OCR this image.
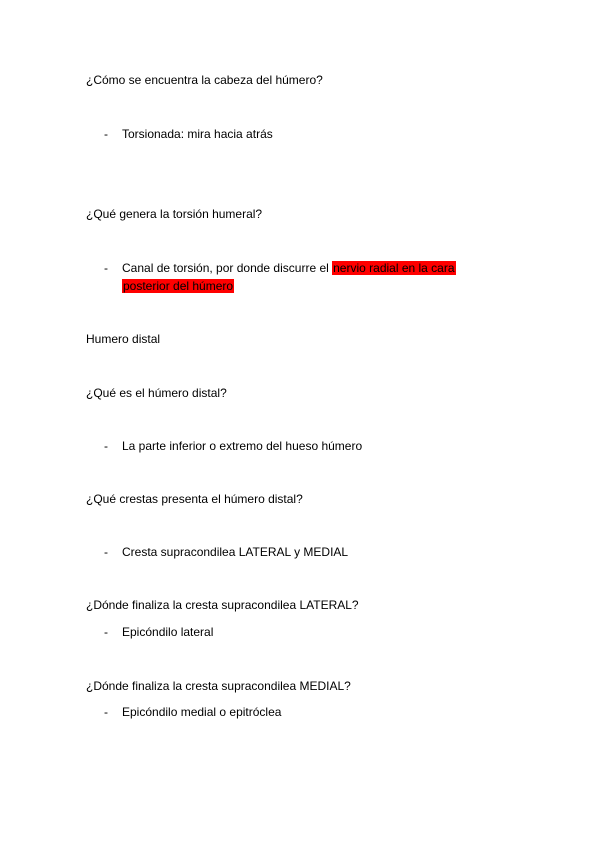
¿Cómo se encuentra la cabeza del húmero?
-	Torsionada: mira hacia atrás
¿Qué genera la torsión humeral?
-	Canal de torsión, por donde discurre el nervio radial en la cara
posterior del húmero
Humero distal
¿Qué es el húmero distal?
-	La parte inferior o extremo del hueso húmero
¿Qué crestas presenta el húmero distal?
-	Cresta supracondilea LATERAL y MEDIAL
¿Dónde finaliza la cresta supracondilea LATERAL?
-	Epicóndilo lateral
¿Dónde finaliza la cresta supracondilea MEDIAL?
-	Epicóndilo medial o epitróclea
